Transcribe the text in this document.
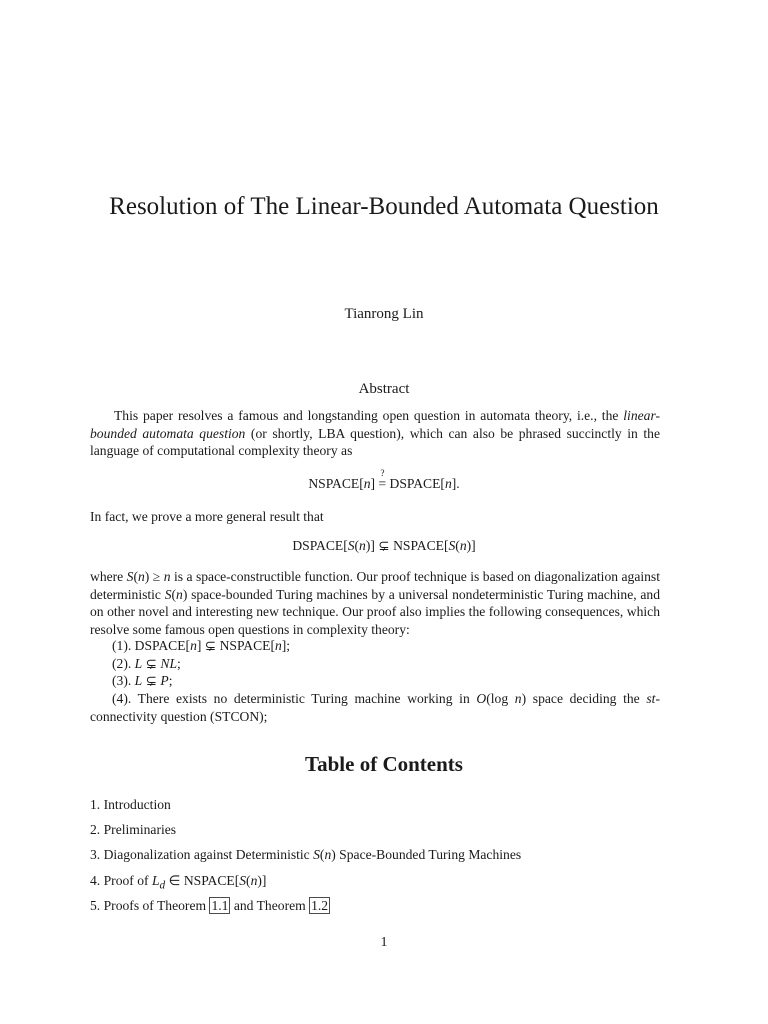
Resolution of The Linear-Bounded Automata Question
Tianrong Lin
Abstract
This paper resolves a famous and longstanding open question in automata theory, i.e., the linear-bounded automata question (or shortly, LBA question), which can also be phrased succinctly in the language of computational complexity theory as
NSPACE[n]
?
= DSPACE[n].
In fact, we prove a more general result that
DSPACE[S(n)] ⊊ NSPACE[S(n)]
where S(n) ≥ n is a space-constructible function. Our proof technique is based on diagonalization against deterministic S(n) space-bounded Turing machines by a universal nondeterministic Turing machine, and on other novel and interesting new technique. Our proof also implies the following consequences, which resolve some famous open questions in complexity theory:
(1). DSPACE[n] ⊊ NSPACE[n];
(2). L ⊊ NL;
(3). L ⊊ P;
(4). There exists no deterministic Turing machine working in O(log n) space deciding the st-connectivity question (STCON);
Table of Contents
1. Introduction
2. Preliminaries
3. Diagonalization against Deterministic S(n) Space-Bounded Turing Machines
4. Proof of $L_d$ ∈ NSPACE[S(n)]
5. Proofs of Theorem 1.1 and Theorem 1.2
1
